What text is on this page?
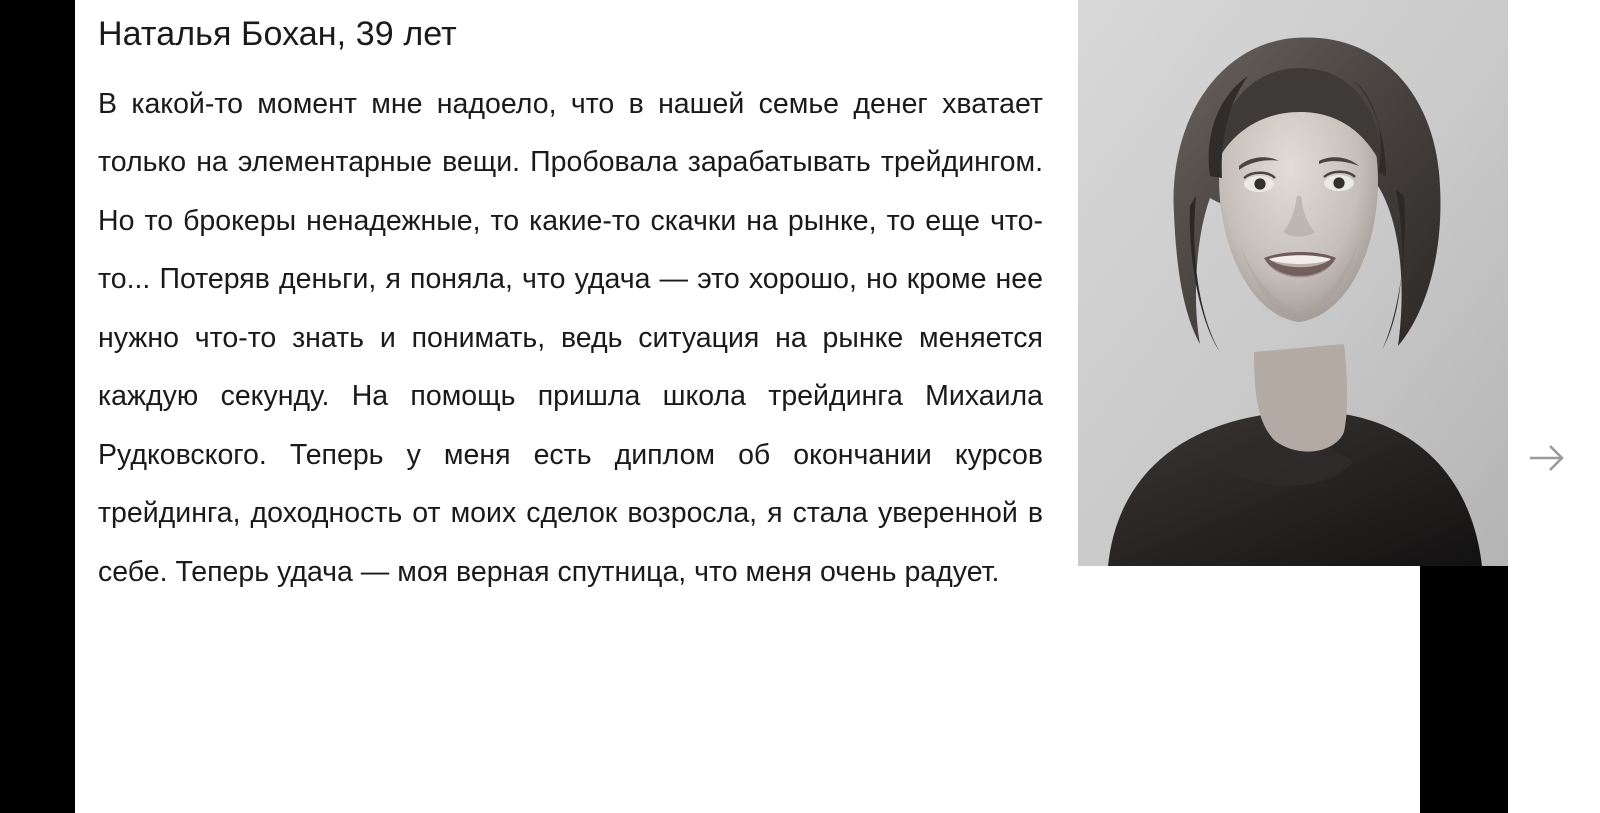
Наталья Бохан, 39 лет

В какой-то момент мне надоело, что в нашей семье денег хватает только на элементарные вещи. Пробовала зарабатывать трейдингом. Но то брокеры ненадежные, то какие-то скачки на рынке, то еще что-то... Потеряв деньги, я поняла, что удача — это хорошо, но кроме нее нужно что-то знать и понимать, ведь ситуация на рынке меняется каждую секунду. На помощь пришла школа трейдинга Михаила Рудковского. Теперь у меня есть диплом об окончании курсов трейдинга, доходность от моих сделок возросла, я стала уверенной в себе. Теперь удача — моя верная спутница, что меня очень радует.
